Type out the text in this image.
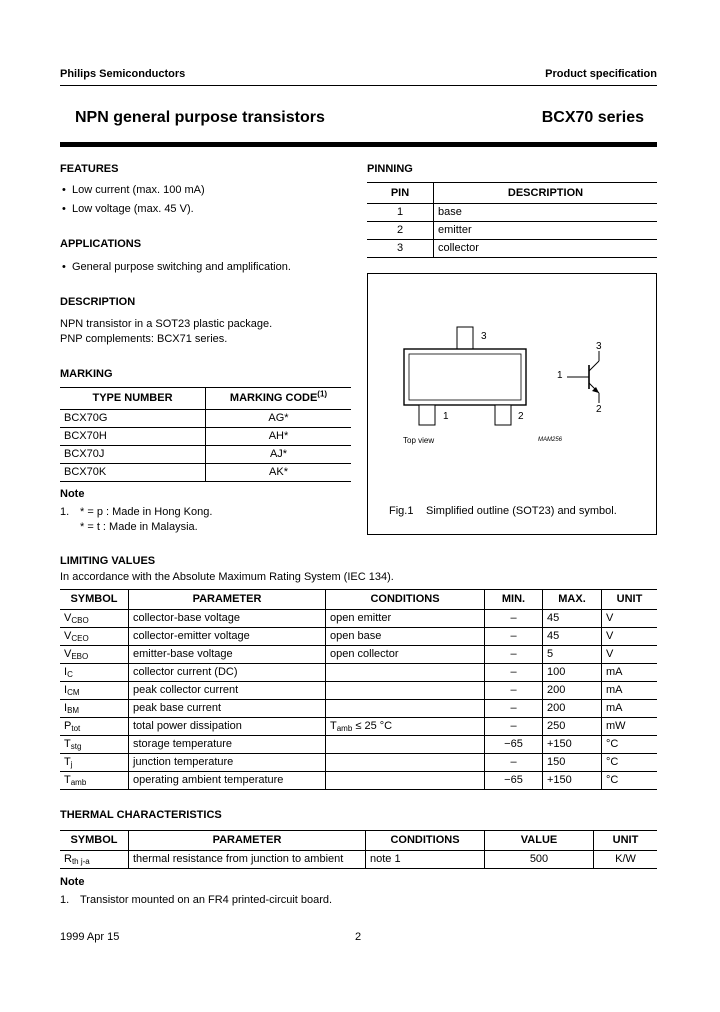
Philips Semiconductors	Product specification
NPN general purpose transistors	BCX70 series
FEATURES
• Low current (max. 100 mA)
• Low voltage (max. 45 V).
APPLICATIONS
• General purpose switching and amplification.
DESCRIPTION
NPN transistor in a SOT23 plastic package.
PNP complements: BCX71 series.
MARKING
TYPE NUMBER	MARKING CODE$^{(1)}$
BCX70G	AG*
BCX70H	AH*
BCX70J	AJ*
BCX70K	AK*
Note
1. * = p : Made in Hong Kong.
* = t : Made in Malaysia.
PINNING
PIN	DESCRIPTION
1	base
2	emitter
3	collector
3
1	2
Top view	MAM256
1
3
2
Fig.1 Simplified outline (SOT23) and symbol.
LIMITING VALUES
In accordance with the Absolute Maximum Rating System (IEC 134).
SYMBOL	PARAMETER	CONDITIONS	MIN.	MAX.	UNIT
$V_{CBO}$	collector-base voltage	open emitter	–	45	V
$V_{CEO}$	collector-emitter voltage	open base	–	45	V
$V_{EBO}$	emitter-base voltage	open collector	–	5	V
$I_C$	collector current (DC)		–	100	mA
$I_{CM}$	peak collector current		–	200	mA
$I_{BM}$	peak base current		–	200	mA
$P_{tot}$	total power dissipation	$T_{amb} \le 25$ °C	–	250	mW
$T_{stg}$	storage temperature		−65	+150	°C
$T_j$	junction temperature		–	150	°C
$T_{amb}$	operating ambient temperature		−65	+150	°C
THERMAL CHARACTERISTICS
SYMBOL	PARAMETER	CONDITIONS	VALUE	UNIT
$R_{th j-a}$	thermal resistance from junction to ambient	note 1	500	K/W
Note
1. Transistor mounted on an FR4 printed-circuit board.
1999 Apr 15	2
